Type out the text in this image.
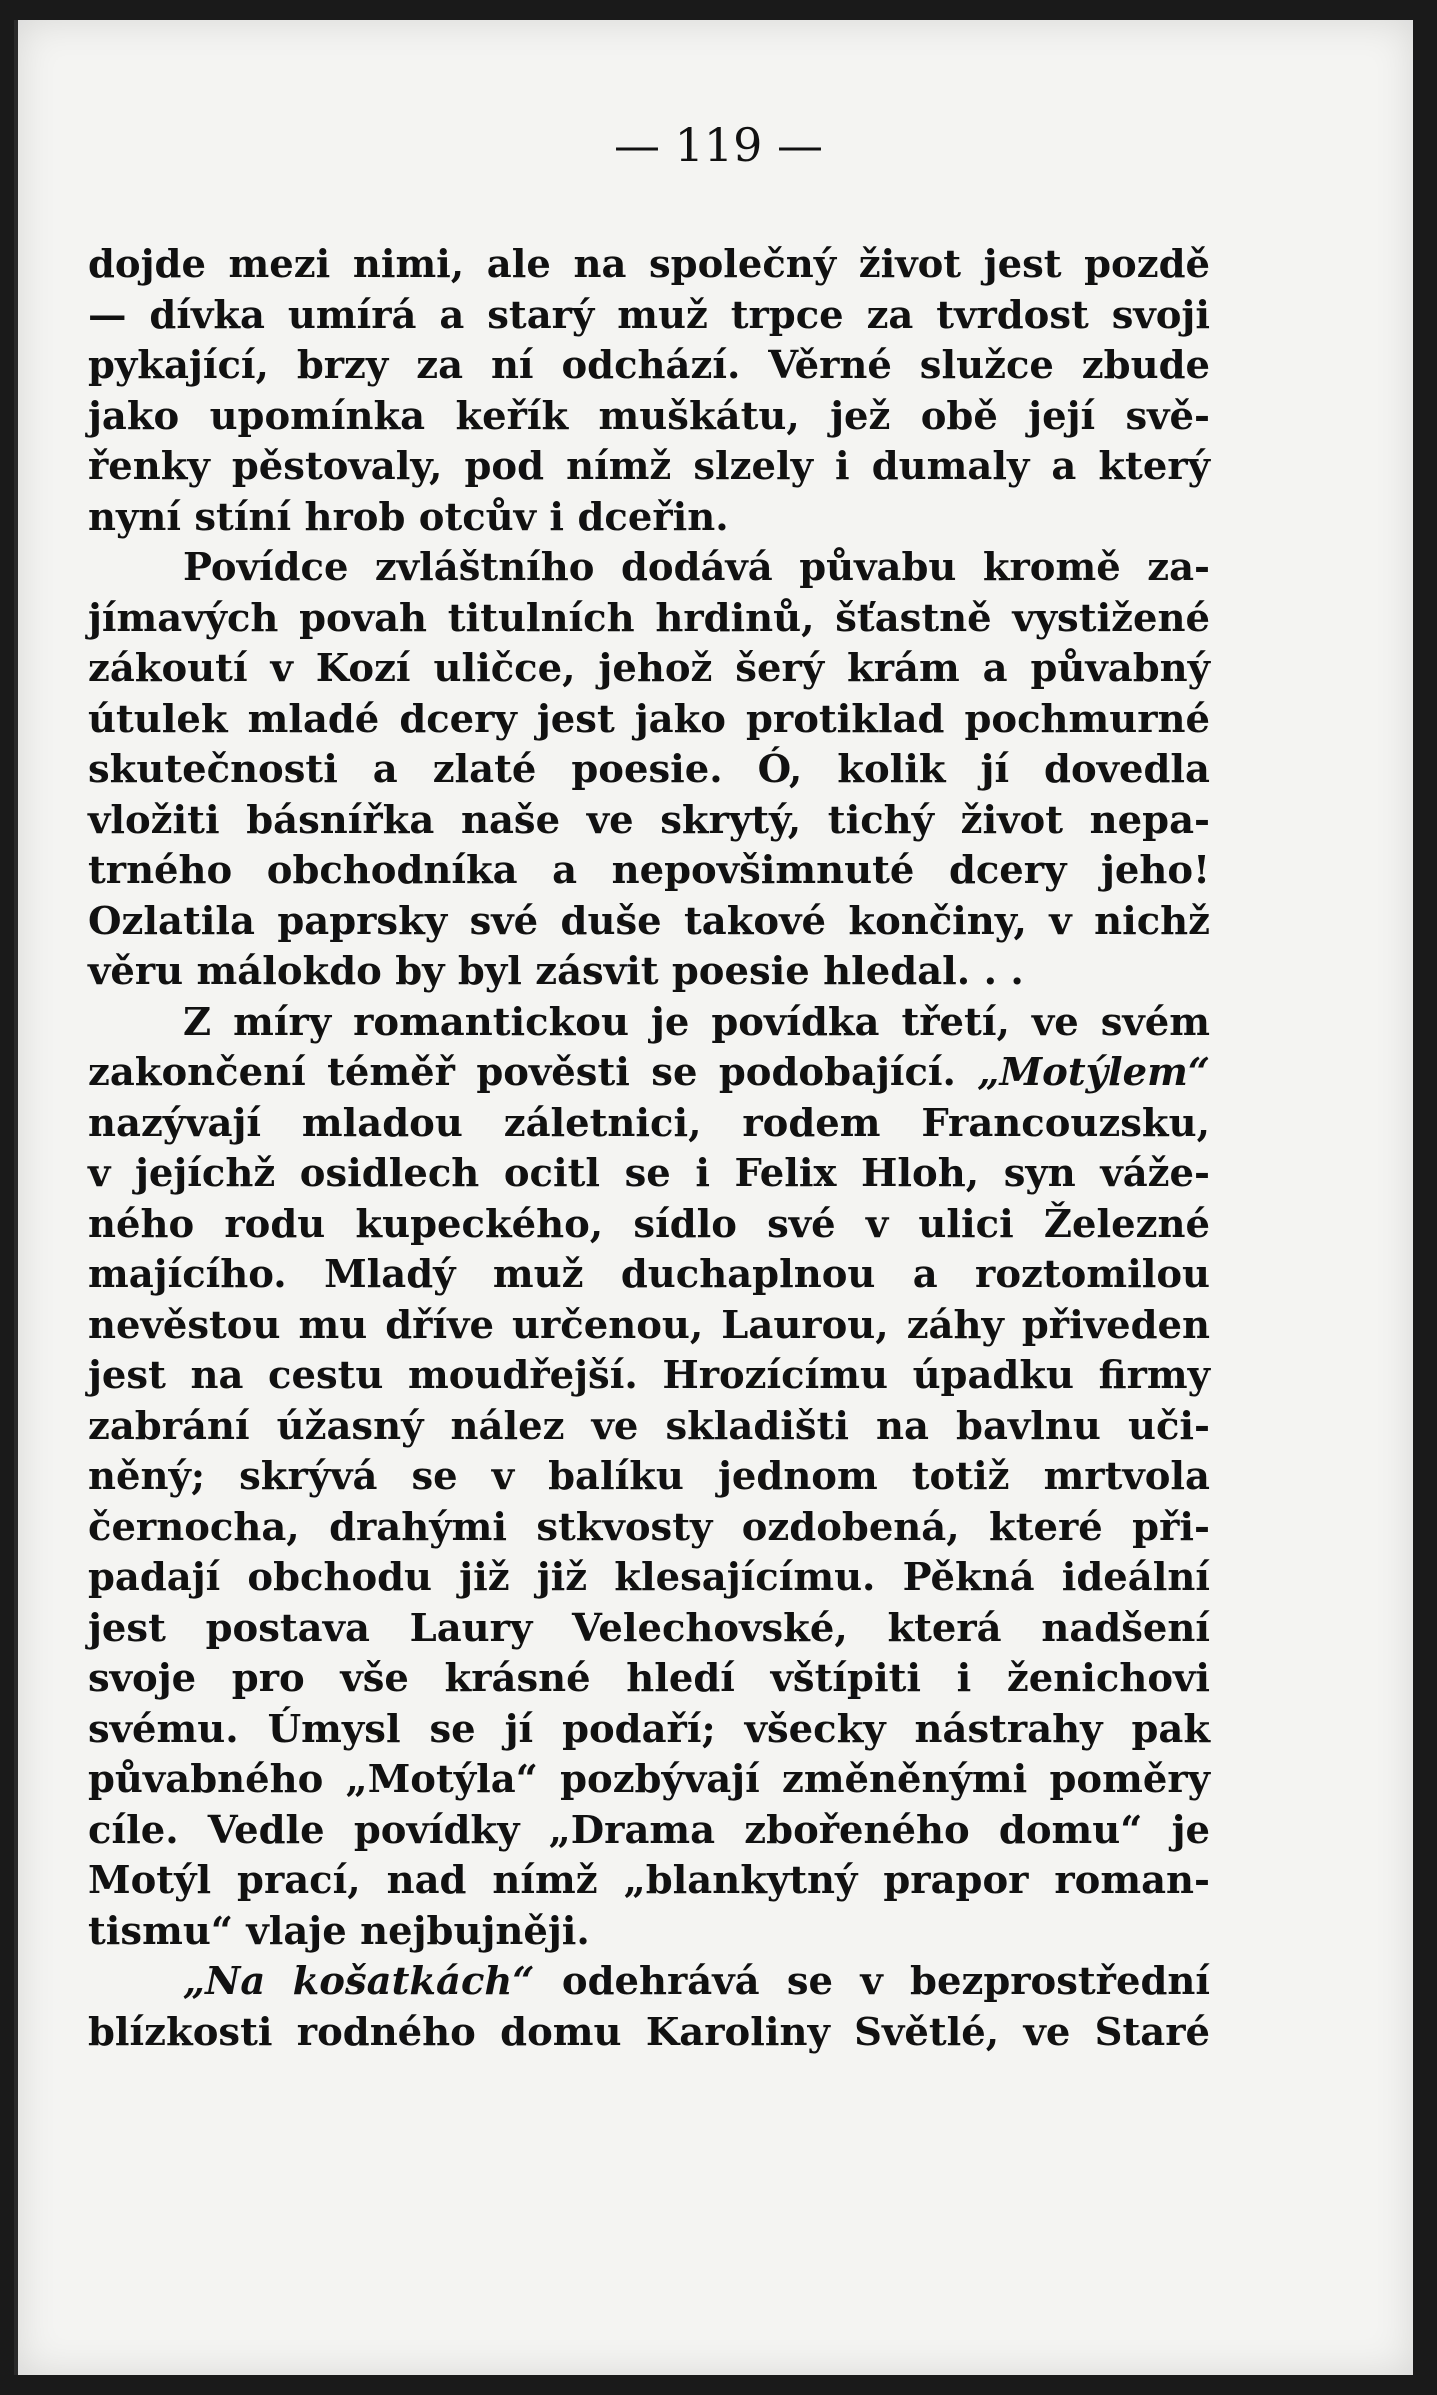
— 119 —
dojde mezi nimi, ale na společný život jest pozdě
— dívka umírá a starý muž trpce za tvrdost svoji
pykající, brzy za ní odchází. Věrné služce zbude
jako upomínka keřík muškátu, jež obě její svě-
řenky pěstovaly, pod nímž slzely i dumaly a který
nyní stíní hrob otcův i dceřin.
Povídce zvláštního dodává půvabu kromě za-
jímavých povah titulních hrdinů, šťastně vystižené
zákoutí v Kozí uličce, jehož šerý krám a půvabný
útulek mladé dcery jest jako protiklad pochmurné
skutečnosti a zlaté poesie. Ó, kolik jí dovedla
vložiti básnířka naše ve skrytý, tichý život nepa-
trného obchodníka a nepovšimnuté dcery jeho!
Ozlatila paprsky své duše takové končiny, v nichž
věru málokdo by byl zásvit poesie hledal. . .
Z míry romantickou je povídka třetí, ve svém
zakončení téměř pověsti se podobající. „Motýlem“
nazývají mladou záletnici, rodem Francouzsku,
v jejíchž osidlech ocitl se i Felix Hloh, syn váže-
ného rodu kupeckého, sídlo své v ulici Železné
majícího. Mladý muž duchaplnou a roztomilou
nevěstou mu dříve určenou, Laurou, záhy přiveden
jest na cestu moudřejší. Hrozícímu úpadku firmy
zabrání úžasný nález ve skladišti na bavlnu uči-
něný; skrývá se v balíku jednom totiž mrtvola
černocha, drahými stkvosty ozdobená, které při-
padají obchodu již již klesajícímu. Pěkná ideální
jest postava Laury Velechovské, která nadšení
svoje pro vše krásné hledí vštípiti i ženichovi
svému. Úmysl se jí podaří; všecky nástrahy pak
půvabného „Motýla“ pozbývají změněnými poměry
cíle. Vedle povídky „Drama zbořeného domu“ je
Motýl prací, nad nímž „blankytný prapor roman-
tismu“ vlaje nejbujněji.
„Na košatkách“ odehrává se v bezprostřední
blízkosti rodného domu Karoliny Světlé, ve Staré
